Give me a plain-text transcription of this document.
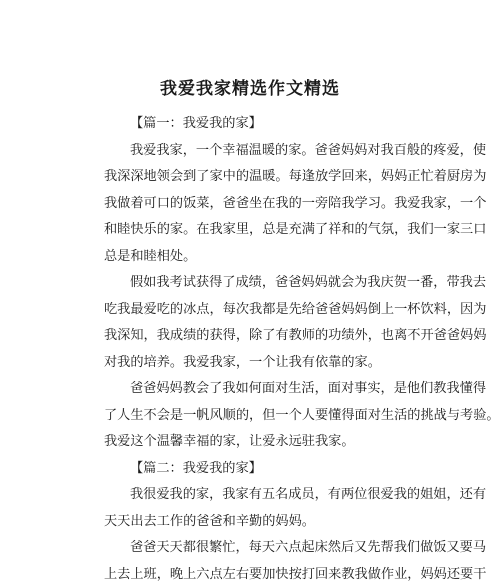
我爱我家精选作文精选

【篇一：我爱我的家】

我爱我家，一个幸福温暖的家。爸爸妈妈对我百般的疼爱，使

我深深地领会到了家中的温暖。每逢放学回来，妈妈正忙着厨房为

我做着可口的饭菜，爸爸坐在我的一旁陪我学习。我爱我家，一个

和睦快乐的家。在我家里，总是充满了祥和的气氛，我们一家三口

总是和睦相处。

假如我考试获得了成绩，爸爸妈妈就会为我庆贺一番，带我去

吃我最爱吃的冰点，每次我都是先给爸爸妈妈倒上一杯饮料，因为

我深知，我成绩的获得，除了有教师的功绩外，也离不开爸爸妈妈

对我的培养。我爱我家，一个让我有依靠的家。

爸爸妈妈教会了我如何面对生活，面对事实，是他们教我懂得

了人生不会是一帆风顺的，但一个人要懂得面对生活的挑战与考验。

我爱这个温馨幸福的家，让爱永远驻我家。

【篇二：我爱我的家】

我很爱我的家，我家有五名成员，有两位很爱我的姐姐，还有

天天出去工作的爸爸和辛勤的妈妈。

爸爸天天都很繁忙，每天六点起床然后又先帮我们做饭又要马

上去上班，晚上六点左右要加快按打回来教我做作业，妈妈还要干
